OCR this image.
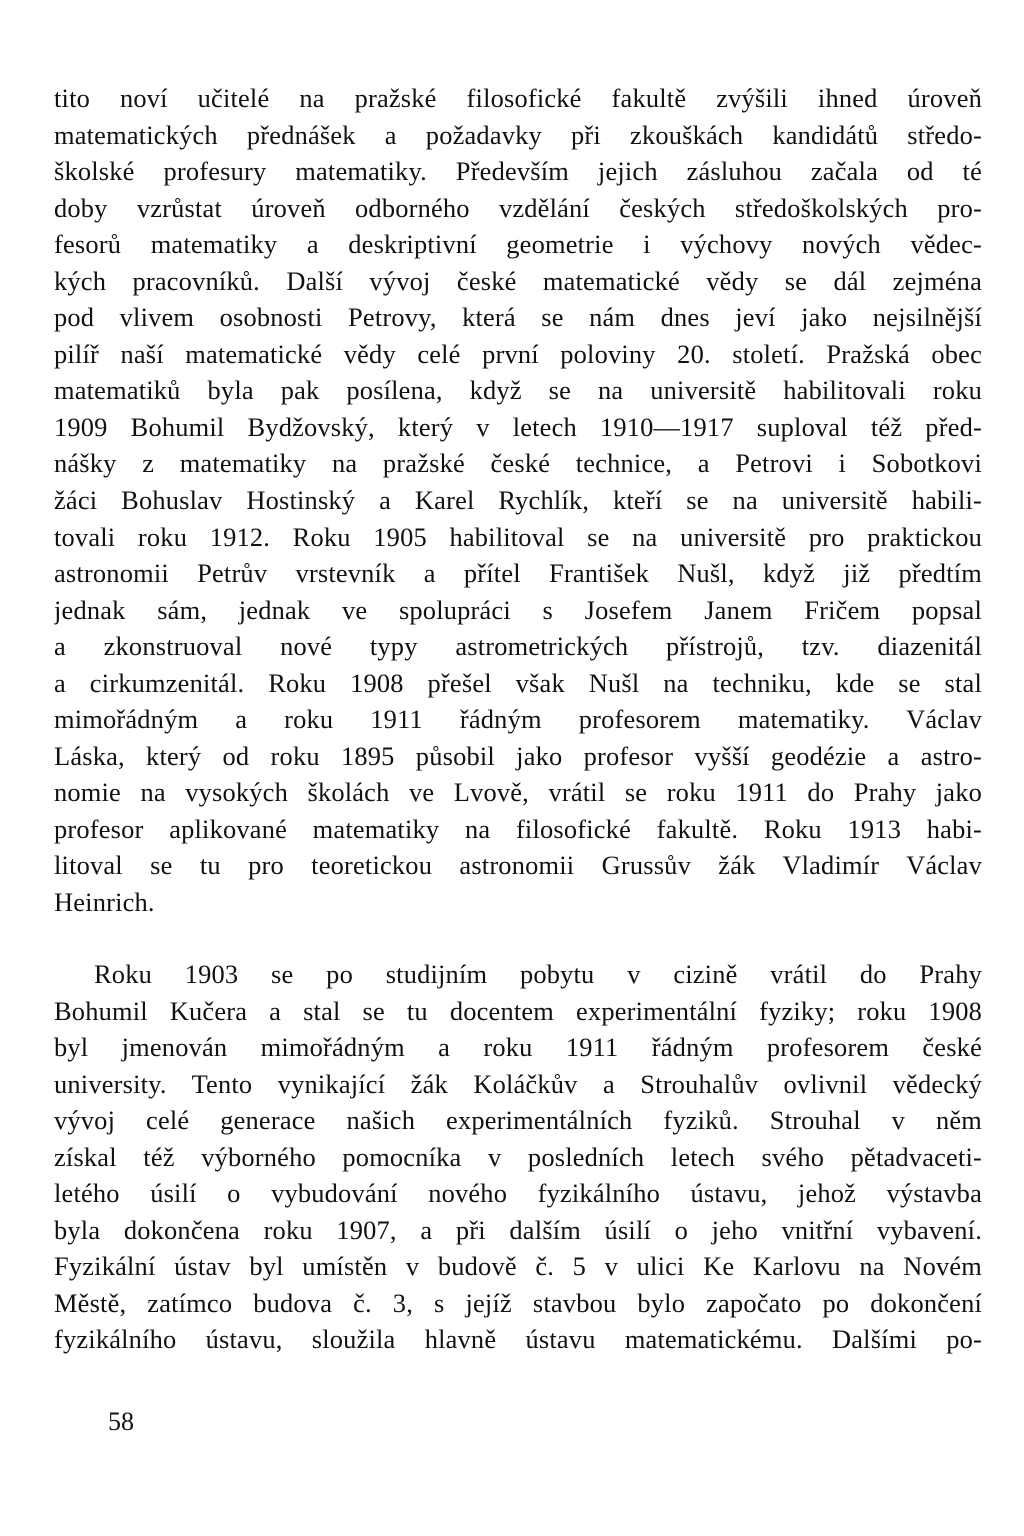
tito noví učitelé na pražské filosofické fakultě zvýšili ihned úroveň
matematických přednášek a požadavky při zkouškách kandidátů středo-
školské profesury matematiky. Především jejich zásluhou začala od té
doby vzrůstat úroveň odborného vzdělání českých středoškolských pro-
fesorů matematiky a deskriptivní geometrie i výchovy nových vědec-
kých pracovníků. Další vývoj české matematické vědy se dál zejména
pod vlivem osobnosti Petrovy, která se nám dnes jeví jako nejsilnější
pilíř naší matematické vědy celé první poloviny 20. století. Pražská obec
matematiků byla pak posílena, když se na universitě habilitovali roku
1909 Bohumil Bydžovský, který v letech 1910—1917 suploval též před-
nášky z matematiky na pražské české technice, a Petrovi i Sobotkovi
žáci Bohuslav Hostinský a Karel Rychlík, kteří se na universitě habili-
tovali roku 1912. Roku 1905 habilitoval se na universitě pro praktickou
astronomii Petrův vrstevník a přítel František Nušl, když již předtím
jednak sám, jednak ve spolupráci s Josefem Janem Fričem popsal
a zkonstruoval nové typy astrometrických přístrojů, tzv. diazenitál
a cirkumzenitál. Roku 1908 přešel však Nušl na techniku, kde se stal
mimořádným a roku 1911 řádným profesorem matematiky. Václav
Láska, který od roku 1895 působil jako profesor vyšší geodézie a astro-
nomie na vysokých školách ve Lvově, vrátil se roku 1911 do Prahy jako
profesor aplikované matematiky na filosofické fakultě. Roku 1913 habi-
litoval se tu pro teoretickou astronomii Grussův žák Vladimír Václav
Heinrich.
Roku 1903 se po studijním pobytu v cizině vrátil do Prahy
Bohumil Kučera a stal se tu docentem experimentální fyziky; roku 1908
byl jmenován mimořádným a roku 1911 řádným profesorem české
university. Tento vynikající žák Koláčkův a Strouhalův ovlivnil vědecký
vývoj celé generace našich experimentálních fyziků. Strouhal v něm
získal též výborného pomocníka v posledních letech svého pětadvaceti-
letého úsilí o vybudování nového fyzikálního ústavu, jehož výstavba
byla dokončena roku 1907, a při dalším úsilí o jeho vnitřní vybavení.
Fyzikální ústav byl umístěn v budově č. 5 v ulici Ke Karlovu na Novém
Městě, zatímco budova č. 3, s jejíž stavbou bylo započato po dokončení
fyzikálního ústavu, sloužila hlavně ústavu matematickému. Dalšími po-
58
